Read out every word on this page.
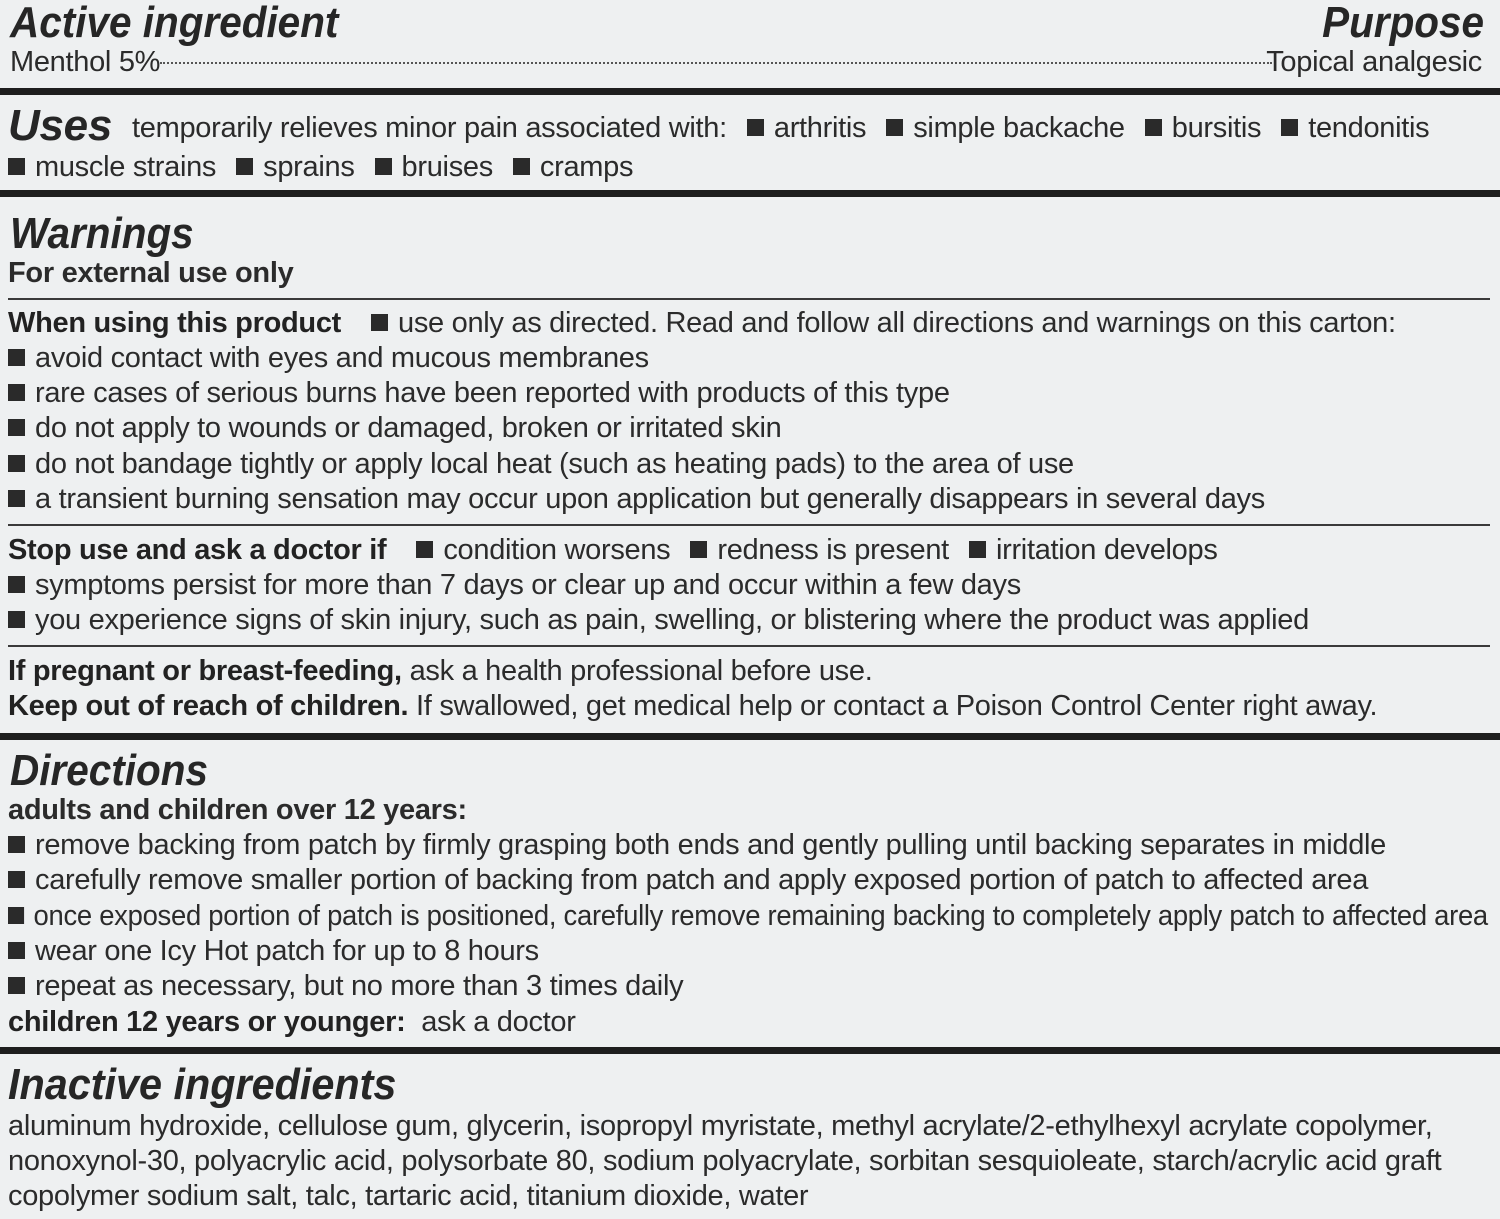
Active ingredient	Purpose
Menthol 5%	Topical analgesic
Uses temporarily relieves minor pain associated with: arthritis simple backache bursitis tendonitis
muscle strains sprains bruises cramps
Warnings
For external use only
When using this product use only as directed. Read and follow all directions and warnings on this carton:
avoid contact with eyes and mucous membranes
rare cases of serious burns have been reported with products of this type
do not apply to wounds or damaged, broken or irritated skin
do not bandage tightly or apply local heat (such as heating pads) to the area of use
a transient burning sensation may occur upon application but generally disappears in several days
Stop use and ask a doctor if condition worsens redness is present irritation develops
symptoms persist for more than 7 days or clear up and occur within a few days
you experience signs of skin injury, such as pain, swelling, or blistering where the product was applied
If pregnant or breast-feeding, ask a health professional before use.
Keep out of reach of children. If swallowed, get medical help or contact a Poison Control Center right away.
Directions
adults and children over 12 years:
remove backing from patch by firmly grasping both ends and gently pulling until backing separates in middle
carefully remove smaller portion of backing from patch and apply exposed portion of patch to affected area
once exposed portion of patch is positioned, carefully remove remaining backing to completely apply patch to affected area
wear one Icy Hot patch for up to 8 hours
repeat as necessary, but no more than 3 times daily
children 12 years or younger: ask a doctor
Inactive ingredients
aluminum hydroxide, cellulose gum, glycerin, isopropyl myristate, methyl acrylate/2-ethylhexyl acrylate copolymer,
nonoxynol-30, polyacrylic acid, polysorbate 80, sodium polyacrylate, sorbitan sesquioleate, starch/acrylic acid graft
copolymer sodium salt, talc, tartaric acid, titanium dioxide, water
